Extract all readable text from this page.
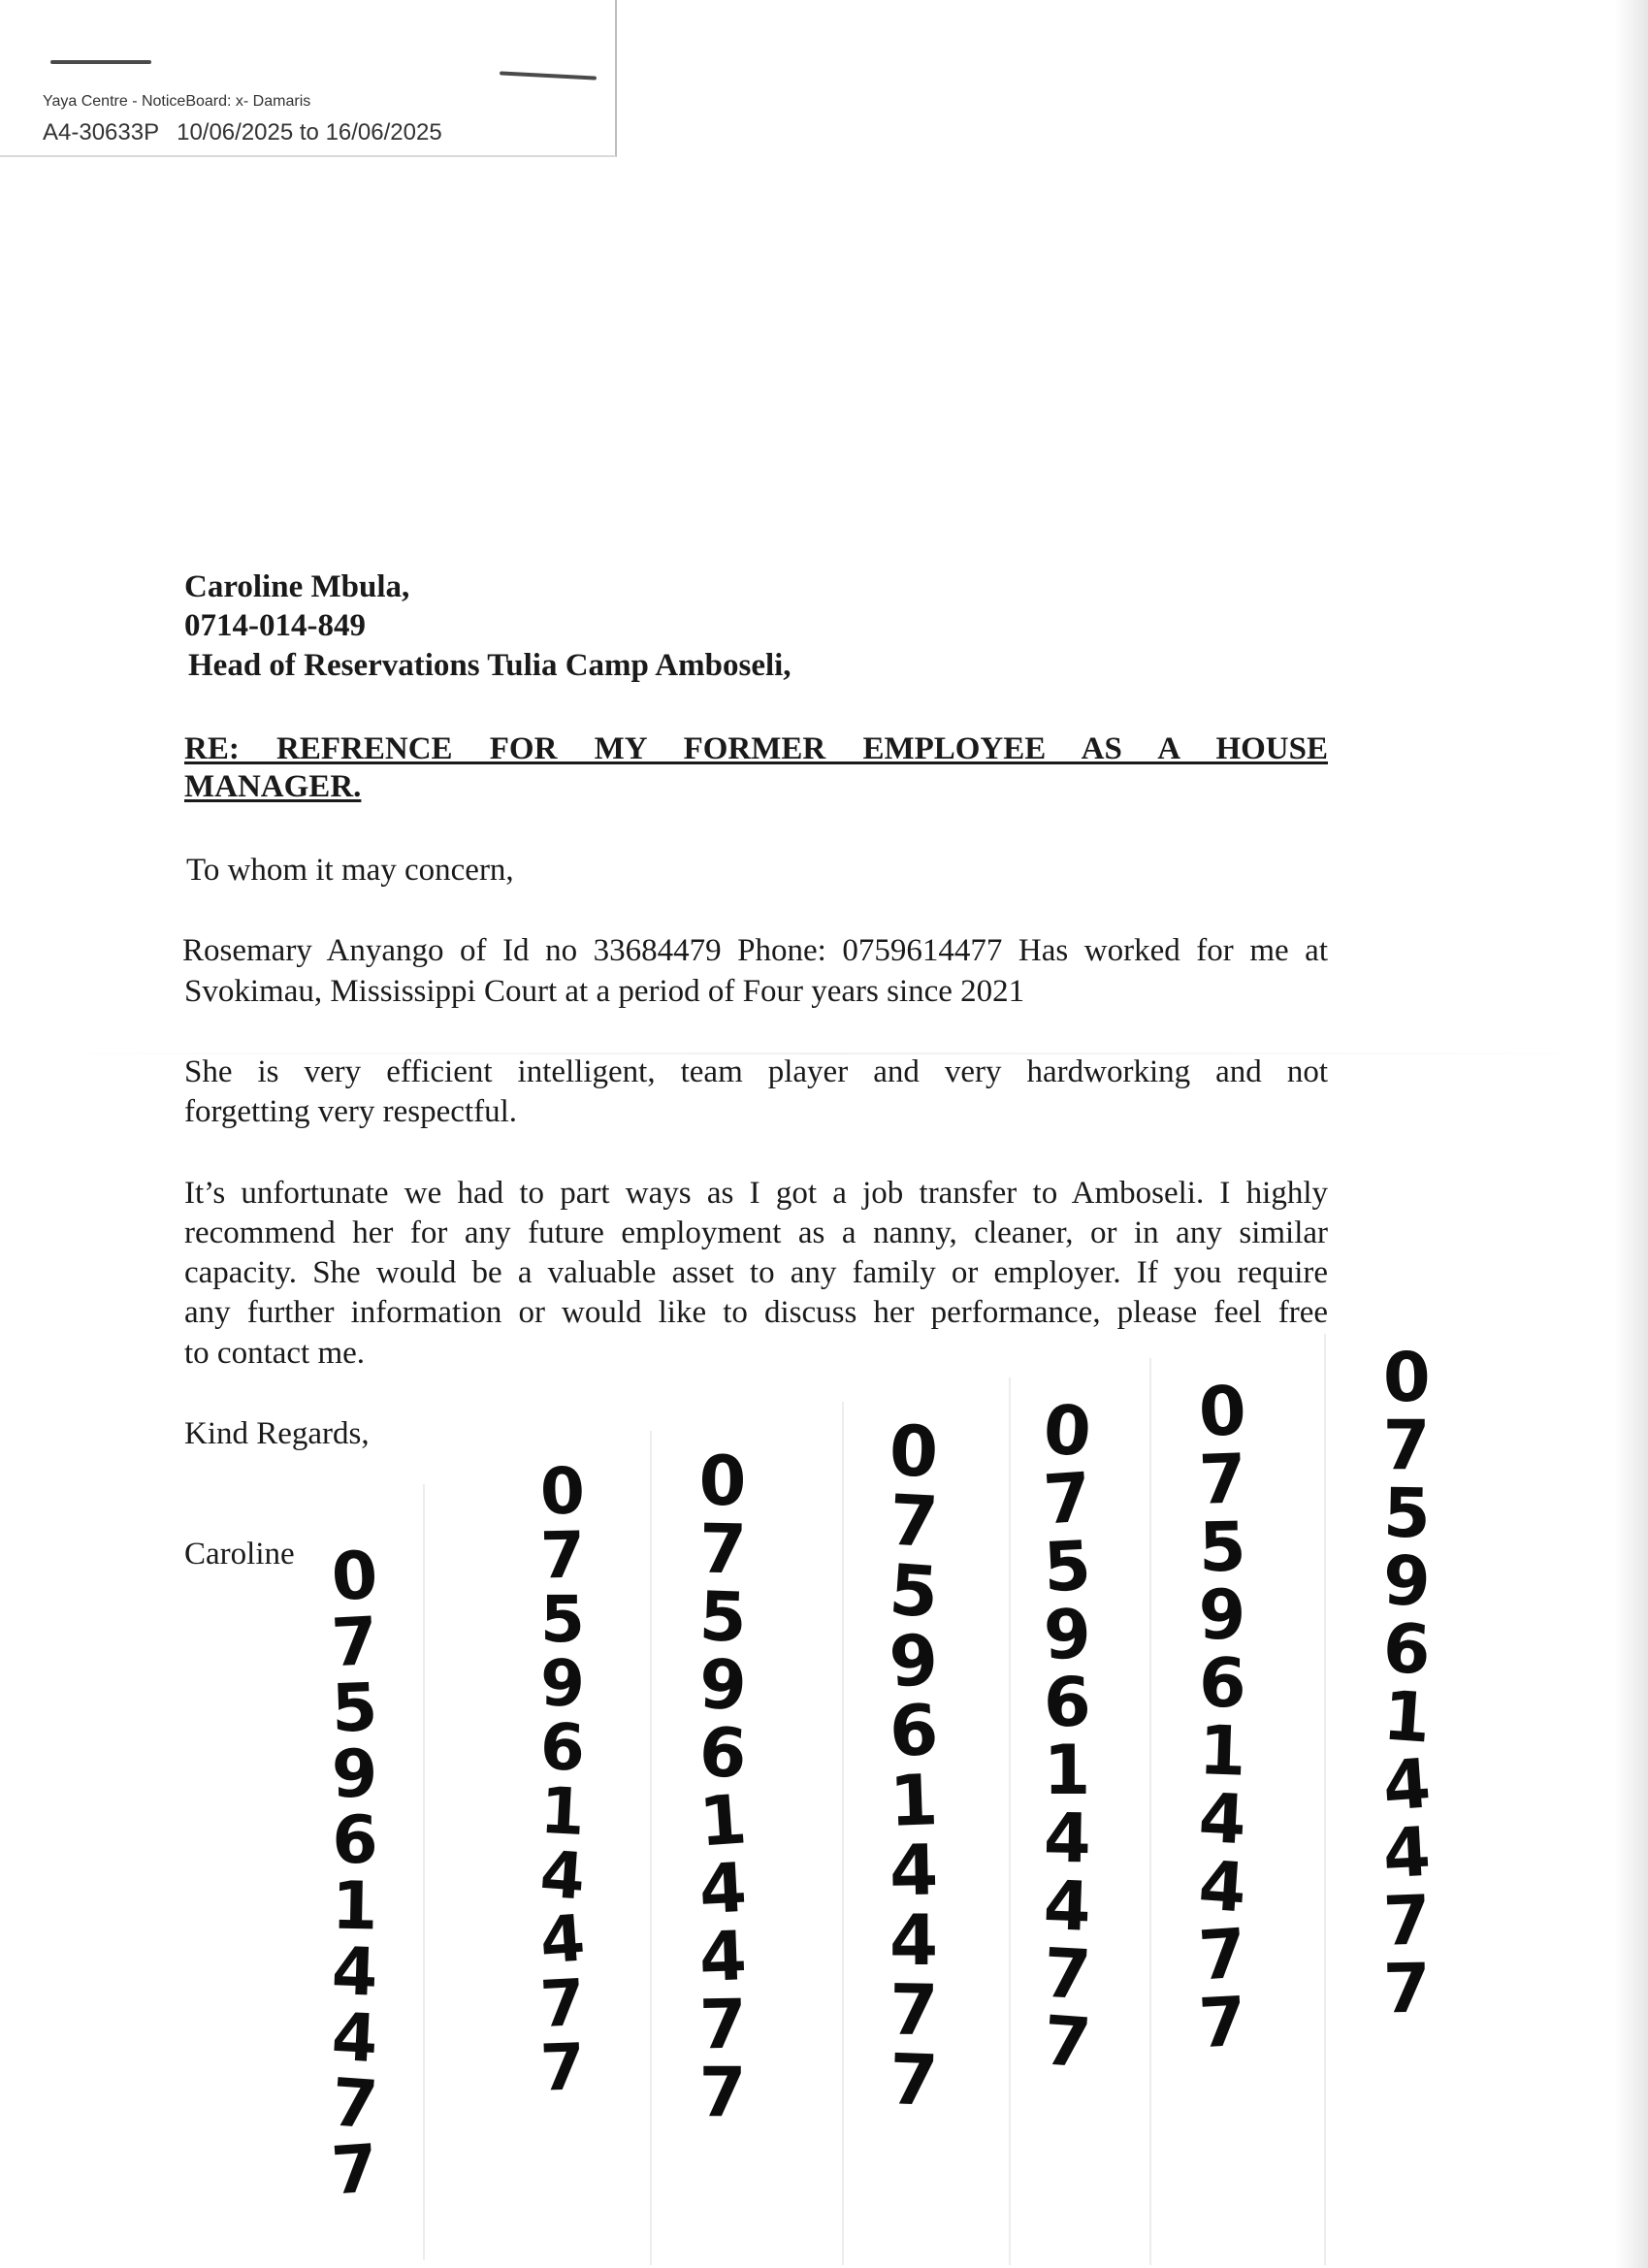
Yaya Centre - NoticeBoard: x- Damaris
A4-30633P 10/06/2025 to 16/06/2025
Caroline Mbula,
0714-014-849
Head of Reservations Tulia Camp Amboseli,
RE: REFRENCE FOR MY FORMER EMPLOYEE AS A HOUSE
MANAGER.
To whom it may concern,
Rosemary Anyango of Id no 33684479 Phone: 0759614477 Has worked for me at
Svokimau, Mississippi Court at a period of Four years since 2021
She is very efficient intelligent, team player and very hardworking and not
forgetting very respectful.
It’s unfortunate we had to part ways as I got a job transfer to Amboseli. I highly
recommend her for any future employment as a nanny, cleaner, or in any similar
capacity. She would be a valuable asset to any family or employer. If you require
any further information or would like to discuss her performance, please feel free
to contact me.
Kind Regards,
Caroline 0
7
5
9
6
1
4
4
7
7
0
7
5
9
6
1
4
4
7
7
0
7
5
9
6
1
4
4
7
7
0
7
5
9
6
1
4
4
7
7
0
7
5
9
6
1
4
4
7
7
0
7
5
9
6
1
4
4
7
7
0
7
5
9
6
1
4
4
7
7
